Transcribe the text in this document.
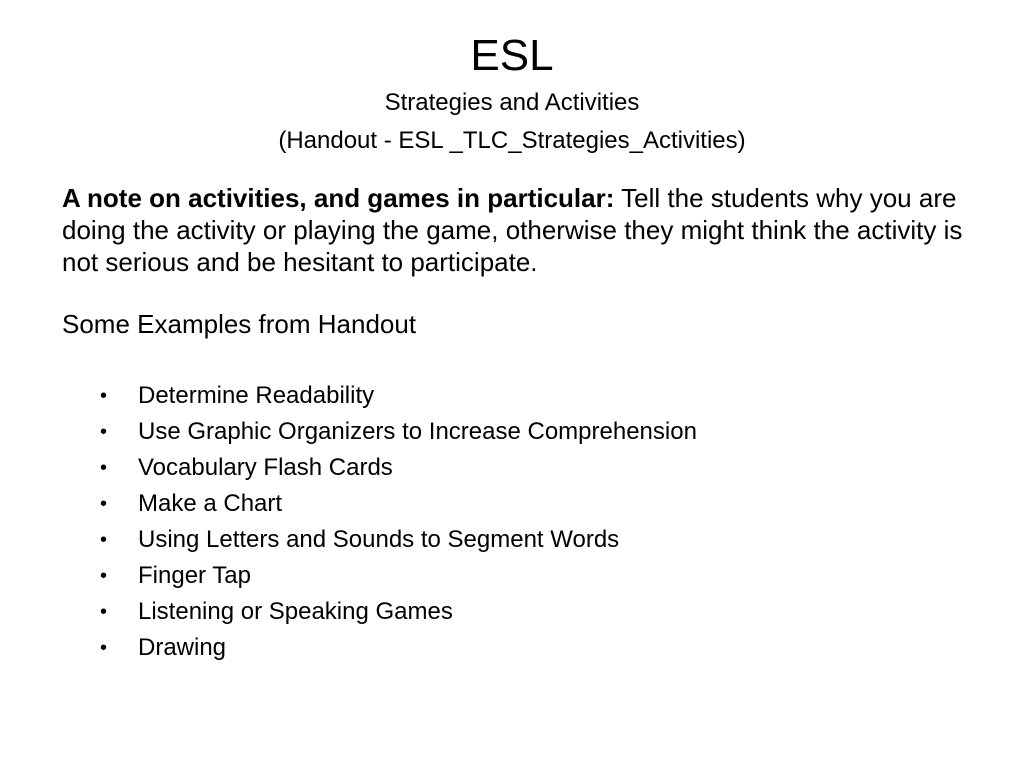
ESL
Strategies and Activities
(Handout - ESL _TLC_Strategies_Activities)

A note on activities, and games in particular: Tell the students why you are doing the activity or playing the game, otherwise they might think the activity is not serious and be hesitant to participate.

Some Examples from Handout

• Determine Readability
• Use Graphic Organizers to Increase Comprehension
• Vocabulary Flash Cards
• Make a Chart
• Using Letters and Sounds to Segment Words
• Finger Tap
• Listening or Speaking Games
• Drawing
